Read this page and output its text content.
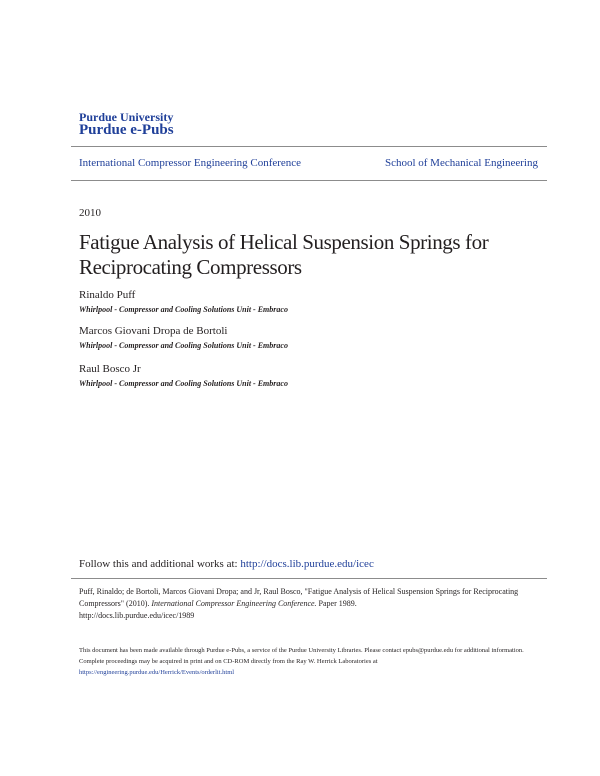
Purdue University
Purdue e-Pubs
International Compressor Engineering Conference	School of Mechanical Engineering
2010
Fatigue Analysis of Helical Suspension Springs for Reciprocating Compressors
Rinaldo Puff
Whirlpool - Compressor and Cooling Solutions Unit - Embraco
Marcos Giovani Dropa de Bortoli
Whirlpool - Compressor and Cooling Solutions Unit - Embraco
Raul Bosco Jr
Whirlpool - Compressor and Cooling Solutions Unit - Embraco
Follow this and additional works at: http://docs.lib.purdue.edu/icec
Puff, Rinaldo; de Bortoli, Marcos Giovani Dropa; and Jr, Raul Bosco, "Fatigue Analysis of Helical Suspension Springs for Reciprocating Compressors" (2010). International Compressor Engineering Conference. Paper 1989.
http://docs.lib.purdue.edu/icec/1989

This document has been made available through Purdue e-Pubs, a service of the Purdue University Libraries. Please contact epubs@purdue.edu for additional information.

Complete proceedings may be acquired in print and on CD-ROM directly from the Ray W. Herrick Laboratories at https://engineering.purdue.edu/Herrick/Events/orderlit.html
